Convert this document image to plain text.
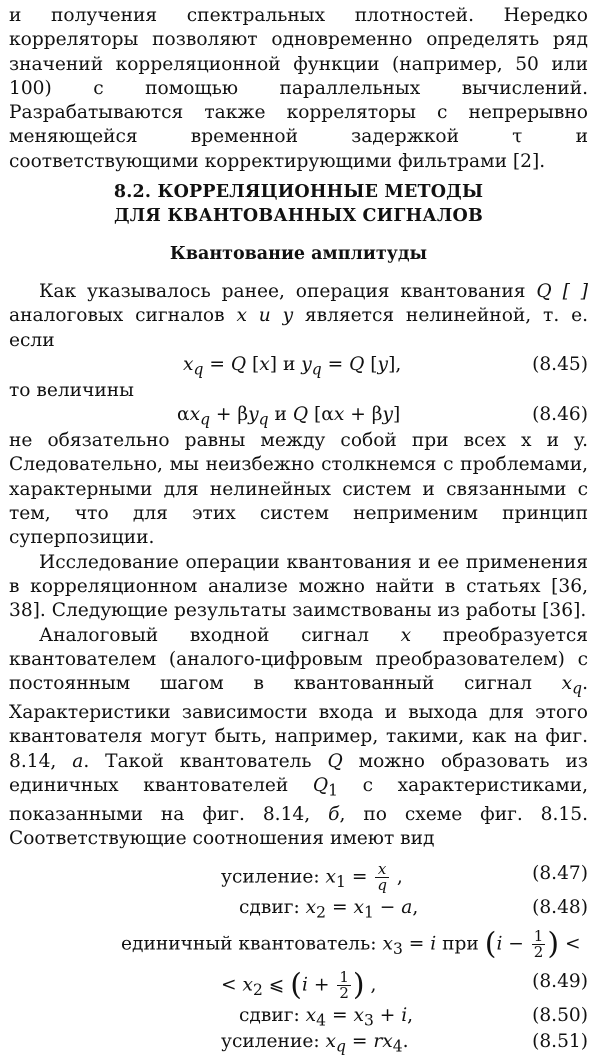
и получения спектральных плотностей. Нередко корреляторы позволяют одновременно определять ряд значений корреляционной функции (например, 50 или 100) с помощью параллельных вычислений. Разрабатываются также корреляторы с непрерывно меняющейся временной задержкой τ и соответствующими корректирующими фильтрами [2].

8.2. КОРРЕЛЯЦИОННЫЕ МЕТОДЫ
ДЛЯ КВАНТОВАННЫХ СИГНАЛОВ
Квантование амплитуды

Как указывалось ранее, операция квантования Q [ ] аналоговых сигналов x и y является нелинейной, т. е. если

$x_q = Q$ [x] и $y_q = Q$ [y],	(8.45)

то величины

$\alpha x_q + \beta y_q$ и Q [αx + βy]	(8.46)

не обязательно равны между собой при всех x и y. Следовательно, мы неизбежно столкнемся с проблемами, характерными для нелинейных систем и связанными с тем, что для этих систем неприменим принцип суперпозиции.

Исследование операции квантования и ее применения в корреляционном анализе можно найти в статьях [36, 38]. Следующие результаты заимствованы из работы [36].

Аналоговый входной сигнал x преобразуется квантователем (аналого-цифровым преобразователем) с постоянным шагом в квантованный сигнал $x_q$. Характеристики зависимости входа и выхода для этого квантователя могут быть, например, такими, как на фиг. 8.14, а. Такой квантователь Q можно образовать из единичных квантователей $Q_1$ с характеристиками, показанными на фиг. 8.14, б, по схеме фиг. 8.15. Соответствующие соотношения имеют вид

усиление: $x_1 = \frac{x}{q}$ ,	(8.47)
сдвиг: $x_2 = x_1 - a$,	(8.48)
единичный квантователь: $x_3 = i$ при ($i - \frac{1}{2}$ ) <
< $x_2$ ⩽ ($i + \frac{1}{2}$ ) ,	(8.49)
сдвиг: $x_4 = x_3 + i$,	(8.50)
усиление: $x_q = rx_4$.	(8.51)
